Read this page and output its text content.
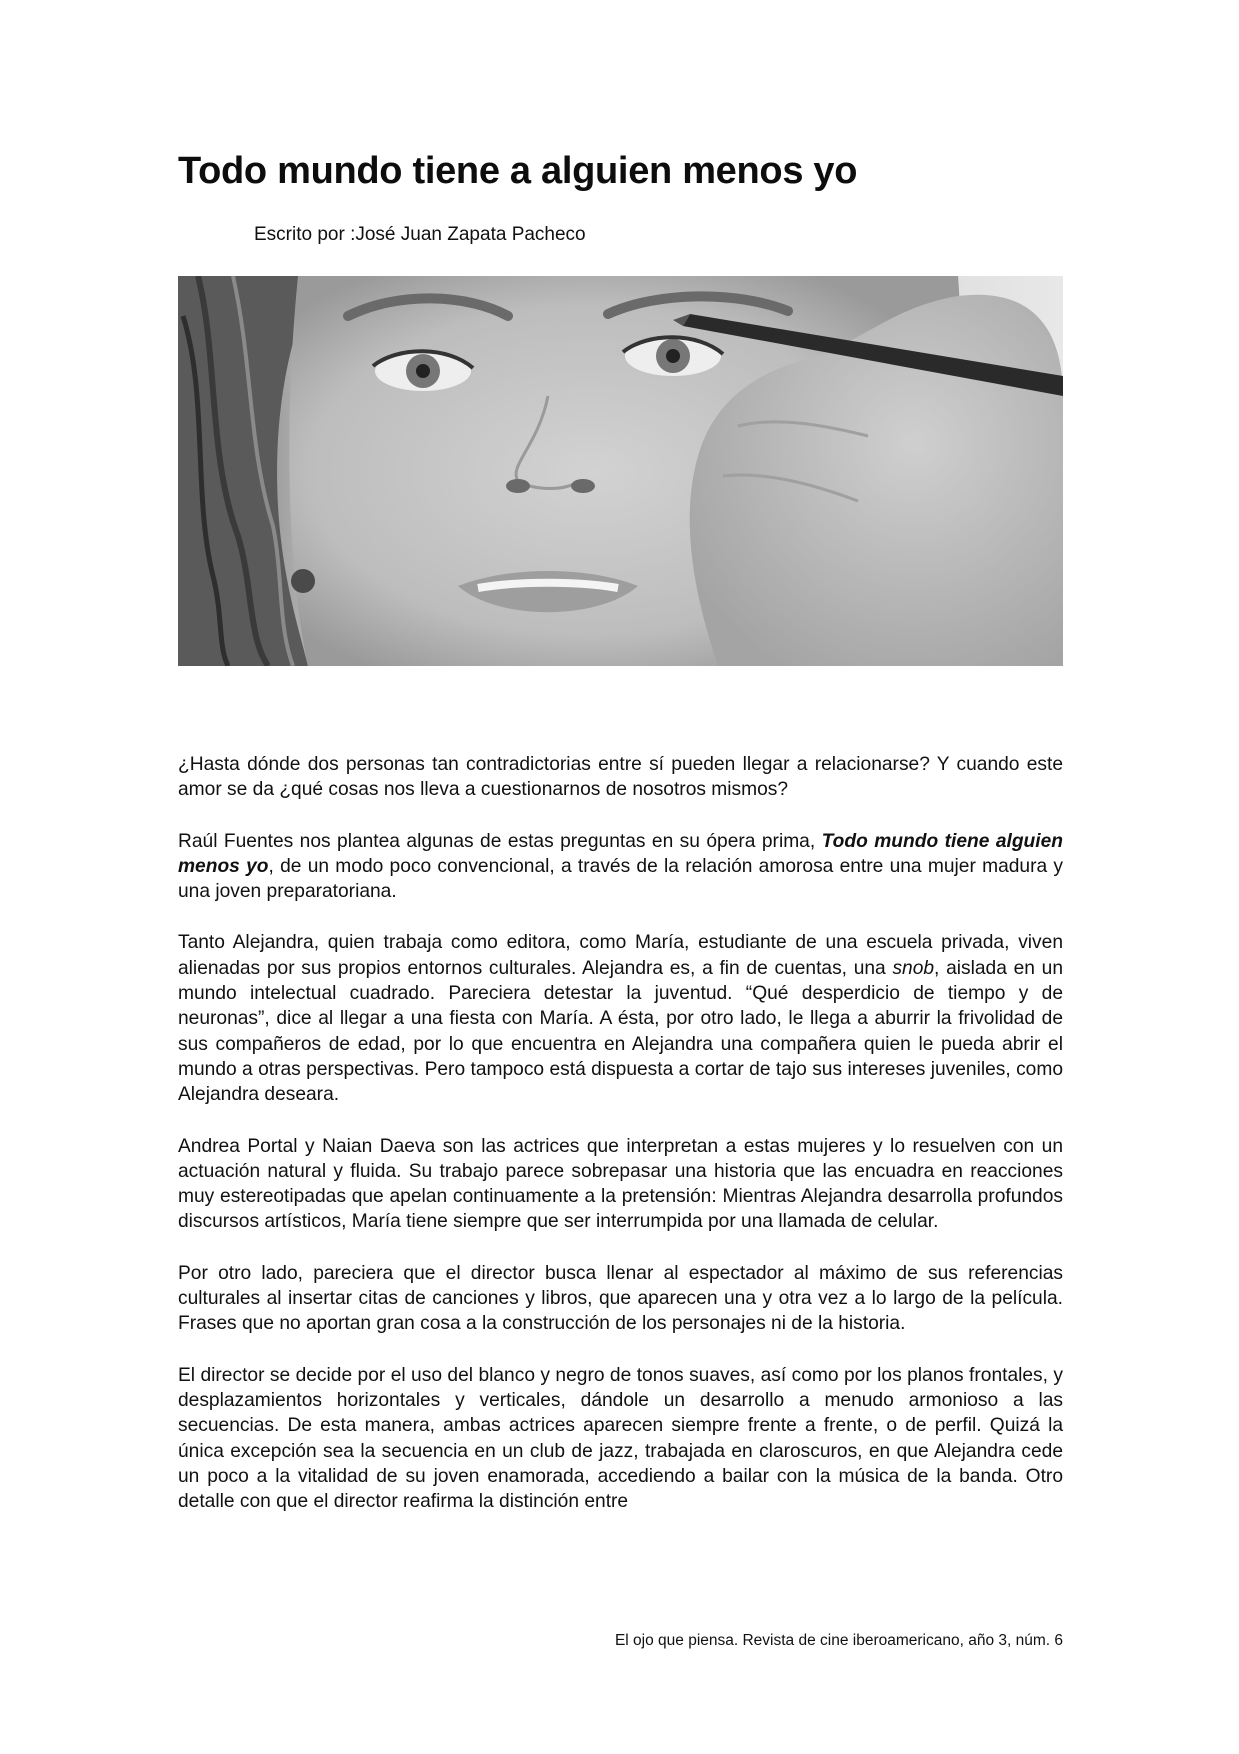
Todo mundo tiene a alguien menos yo
Escrito por :José Juan Zapata Pacheco

¿Hasta dónde dos personas tan contradictorias entre sí pueden llegar a relacionarse? Y cuando este amor se da ¿qué cosas nos lleva a cuestionarnos de nosotros mismos?

Raúl Fuentes nos plantea algunas de estas preguntas en su ópera prima, Todo mundo tiene alguien menos yo, de un modo poco convencional, a través de la relación amorosa entre una mujer madura y una joven preparatoriana.

Tanto Alejandra, quien trabaja como editora, como María, estudiante de una escuela privada, viven alienadas por sus propios entornos culturales. Alejandra es, a fin de cuentas, una snob, aislada en un mundo intelectual cuadrado. Pareciera detestar la juventud. “Qué desperdicio de tiempo y de neuronas”, dice al llegar a una fiesta con María. A ésta, por otro lado, le llega a aburrir la frivolidad de sus compañeros de edad, por lo que encuentra en Alejandra una compañera quien le pueda abrir el mundo a otras perspectivas. Pero tampoco está dispuesta a cortar de tajo sus intereses juveniles, como Alejandra deseara.

Andrea Portal y Naian Daeva son las actrices que interpretan a estas mujeres y lo resuelven con un actuación natural y fluida. Su trabajo parece sobrepasar una historia que las encuadra en reacciones muy estereotipadas que apelan continuamente a la pretensión: Mientras Alejandra desarrolla profundos discursos artísticos, María tiene siempre que ser interrumpida por una llamada de celular.

Por otro lado, pareciera que el director busca llenar al espectador al máximo de sus referencias culturales al insertar citas de canciones y libros, que aparecen una y otra vez a lo largo de la película. Frases que no aportan gran cosa a la construcción de los personajes ni de la historia.

El director se decide por el uso del blanco y negro de tonos suaves, así como por los planos frontales, y desplazamientos horizontales y verticales, dándole un desarrollo a menudo armonioso a las secuencias. De esta manera, ambas actrices aparecen siempre frente a frente, o de perfil. Quizá la única excepción sea la secuencia en un club de jazz, trabajada en claroscuros, en que Alejandra cede un poco a la vitalidad de su joven enamorada, accediendo a bailar con la música de la banda. Otro detalle con que el director reafirma la distinción entre

El ojo que piensa. Revista de cine iberoamericano, año 3, núm. 6
